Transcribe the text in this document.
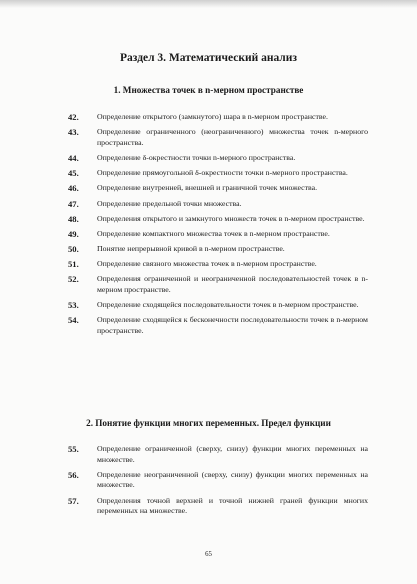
Раздел 3. Математический анализ
1. Множества точек в n-мерном пространстве
42.	Определение открытого (замкнутого) шара в n-мерном пространстве.
43.	Определение ограниченного (неограниченного) множества точек n-мерного пространства.
44.	Определение δ-окрестности точки n-мерного пространства.
45.	Определение прямоугольной δ-окрестности точки n-мерного пространства.
46.	Определение внутренней, внешней и граничной точек множества.
47.	Определение предельной точки множества.
48.	Определения открытого и замкнутого множеств точек в n-мерном пространстве.
49.	Определение компактного множества точек в n-мерном пространстве.
50.	Понятие непрерывной кривой в n-мерном пространстве.
51.	Определение связного множества точек в n-мерном пространстве.
52.	Определения ограниченной и неограниченной последовательностей точек в n-мерном пространстве.
53.	Определение сходящейся последовательности точек в n-мерном пространстве.
54.	Определение сходящейся к бесконечности последовательности точек в n-мерном пространстве.
2. Понятие функции многих переменных. Предел функции
55.	Определение ограниченной (сверху, снизу) функции многих переменных на множестве.
56.	Определение неограниченной (сверху, снизу) функции многих переменных на множестве.
57.	Определения точной верхней и точной нижней граней функции многих переменных на множестве.
65
